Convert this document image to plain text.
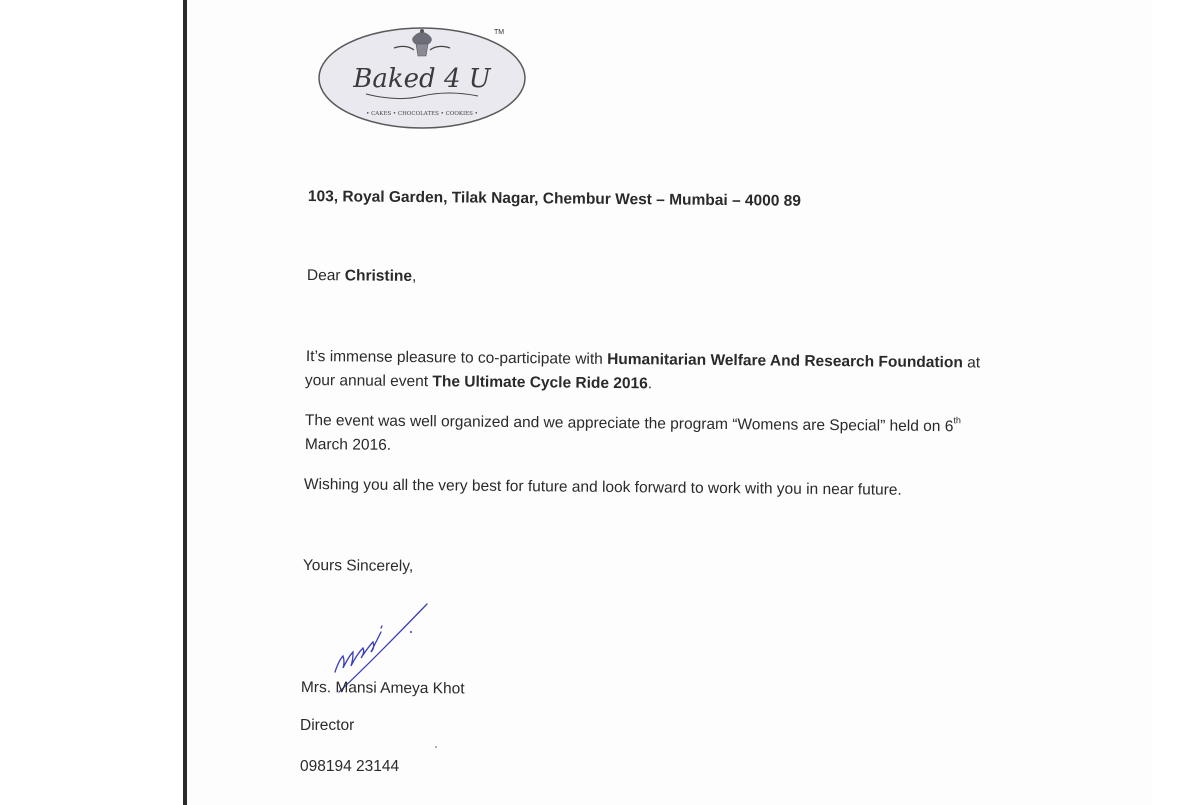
Baked 4 U
• CAKES • CHOCOLATES • COOKIES •
TM
103, Royal Garden, Tilak Nagar, Chembur West – Mumbai – 4000 89
Dear Christine,
It’s immense pleasure to co-participate with Humanitarian Welfare And Research Foundation at
your annual event The Ultimate Cycle Ride 2016.
The event was well organized and we appreciate the program “Womens are Special” held on 6th
March 2016.
Wishing you all the very best for future and look forward to work with you in near future.
Yours Sincerely,
Mrs. Mansi Ameya Khot
Director
098194 23144
